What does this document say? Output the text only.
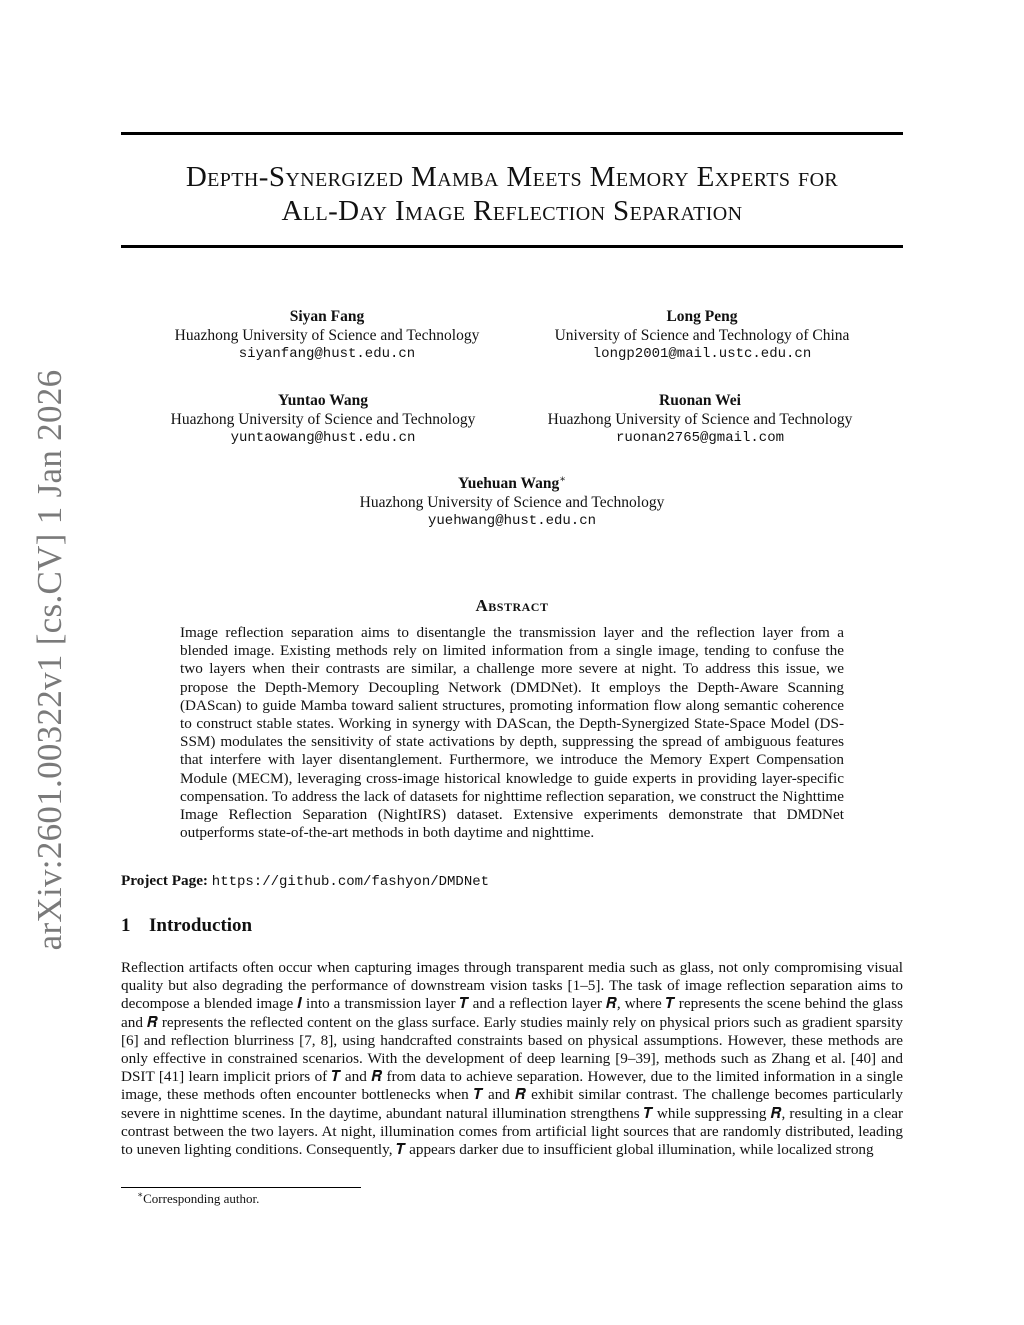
arXiv:2601.00322v1 [cs.CV] 1 Jan 2026
Depth-Synergized Mamba Meets Memory Experts for
All-Day Image Reflection Separation
Siyan Fang
Huazhong University of Science and Technology
siyanfang@hust.edu.cn
Long Peng
University of Science and Technology of China
longp2001@mail.ustc.edu.cn
Yuntao Wang
Huazhong University of Science and Technology
yuntaowang@hust.edu.cn
Ruonan Wei
Huazhong University of Science and Technology
ruonan2765@gmail.com
Yuehuan Wang∗
Huazhong University of Science and Technology
yuehwang@hust.edu.cn
Abstract
Image reflection separation aims to disentangle the transmission layer and the reflection layer from a blended image. Existing methods rely on limited information from a single image, tending to confuse the two layers when their contrasts are similar, a challenge more severe at night. To address this issue, we propose the Depth-Memory Decoupling Network (DMDNet). It employs the Depth-Aware Scanning (DAScan) to guide Mamba toward salient structures, promoting information flow along semantic coherence to construct stable states. Working in synergy with DAScan, the Depth-Synergized State-Space Model (DS-SSM) modulates the sensitivity of state activations by depth, suppressing the spread of ambiguous features that interfere with layer disentanglement. Furthermore, we introduce the Memory Expert Compensation Module (MECM), leveraging cross-image historical knowledge to guide experts in providing layer-specific compensation. To address the lack of datasets for nighttime reflection separation, we construct the Nighttime Image Reflection Separation (NightIRS) dataset. Extensive experiments demonstrate that DMDNet outperforms state-of-the-art methods in both daytime and nighttime.
Project Page: https://github.com/fashyon/DMDNet
1 Introduction
Reflection artifacts often occur when capturing images through transparent media such as glass, not only compromising visual quality but also degrading the performance of downstream vision tasks [1–5]. The task of image reflection separation aims to decompose a blended image 𝑰 into a transmission layer 𝑻 and a reflection layer 𝑹, where 𝑻 represents the scene behind the glass and 𝑹 represents the reflected content on the glass surface. Early studies mainly rely on physical priors such as gradient sparsity [6] and reflection blurriness [7, 8], using handcrafted constraints based on physical assumptions. However, these methods are only effective in constrained scenarios. With the development of deep learning [9–39], methods such as Zhang et al. [40] and DSIT [41] learn implicit priors of 𝑻 and 𝑹 from data to achieve separation. However, due to the limited information in a single image, these methods often encounter bottlenecks when 𝑻 and 𝑹 exhibit similar contrast. The challenge becomes particularly severe in nighttime scenes. In the daytime, abundant natural illumination strengthens 𝑻 while suppressing 𝑹, resulting in a clear contrast between the two layers. At night, illumination comes from artificial light sources that are randomly distributed, leading to uneven lighting conditions. Consequently, 𝑻 appears darker due to insufficient global illumination, while localized strong
∗Corresponding author.
